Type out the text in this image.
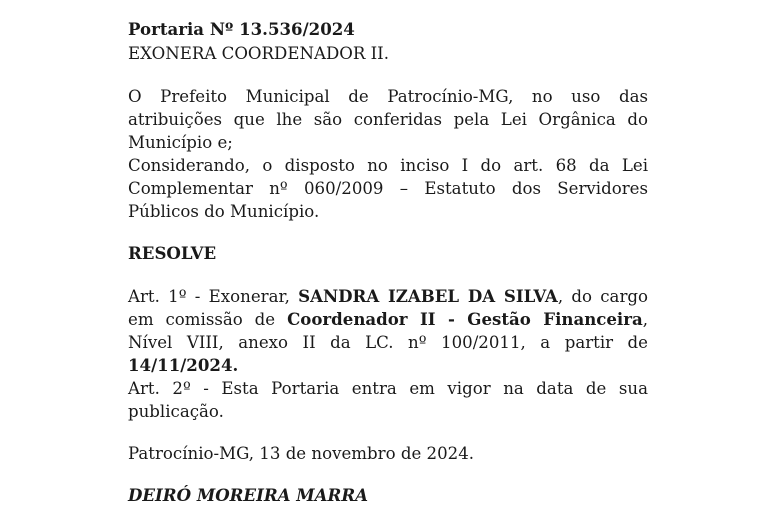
Portaria Nº 13.536/2024

EXONERA COORDENADOR II.

O Prefeito Municipal de Patrocínio-MG, no uso das atribuições que lhe são conferidas pela Lei Orgânica do Município e;

Considerando, o disposto no inciso I do art. 68 da Lei Complementar nº 060/2009 – Estatuto dos Servidores Públicos do Município.

RESOLVE

Art. 1º - Exonerar, SANDRA IZABEL DA SILVA, do cargo em comissão de Coordenador II - Gestão Financeira, Nível VIII, anexo II da LC. nº 100/2011, a partir de 14/11/2024.

Art. 2º - Esta Portaria entra em vigor na data de sua publicação.

Patrocínio-MG, 13 de novembro de 2024.

DEIRÓ MOREIRA MARRA
